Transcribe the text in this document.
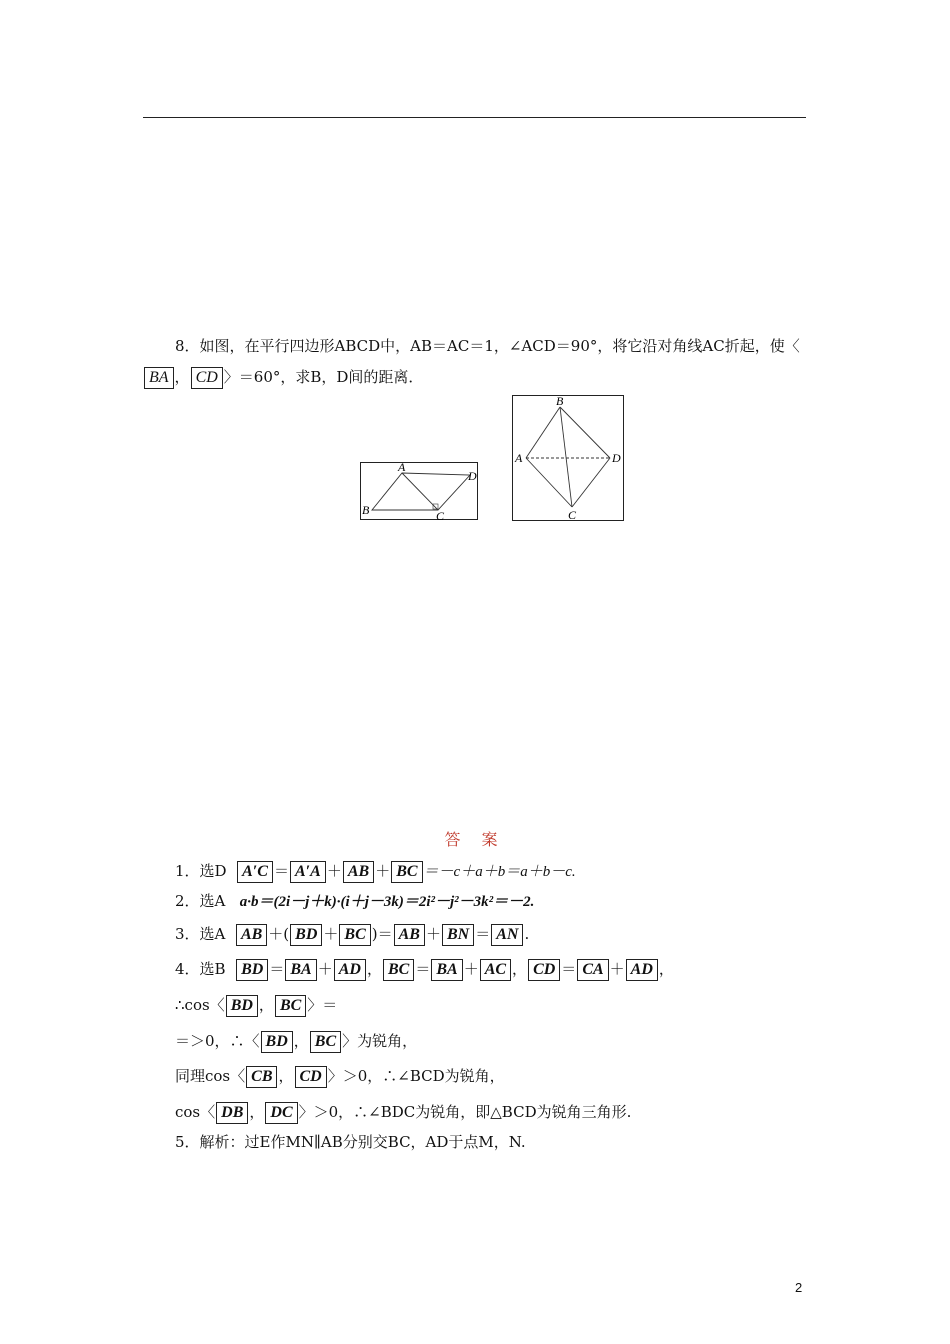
8．如图，在平行四边形ABCD中，AB＝AC＝1，∠ACD＝90°，将它沿对角线AC折起，使〈
BA ， CD 〉＝60°，求B，D间的距离．
A
D
B	C
B
A	D
C
答 案
1．选D A′C ＝ A′A ＋ AB ＋ BC ＝－c＋a＋b＝a＋b－c.
2．选A a·b＝(2i－j＋k)·(i＋j－3k)＝2i²－j²－3k²＝－2.
3．选A AB ＋( BD ＋ BC )＝ AB ＋ BN ＝ AN .
4．选B BD ＝ BA ＋ AD ， BC ＝ BA ＋ AC ， CD ＝ CA ＋ AD ，
∴cos〈 BD ， BC 〉＝
＝＞0，∴〈 BD ， BC 〉为锐角，
同理cos〈 CB ， CD 〉＞0，∴∠BCD为锐角，
cos〈 DB ， DC 〉＞0，∴∠BDC为锐角，即△BCD为锐角三角形.
5．解析：过E作MN∥AB分别交BC，AD于点M，N.
2
